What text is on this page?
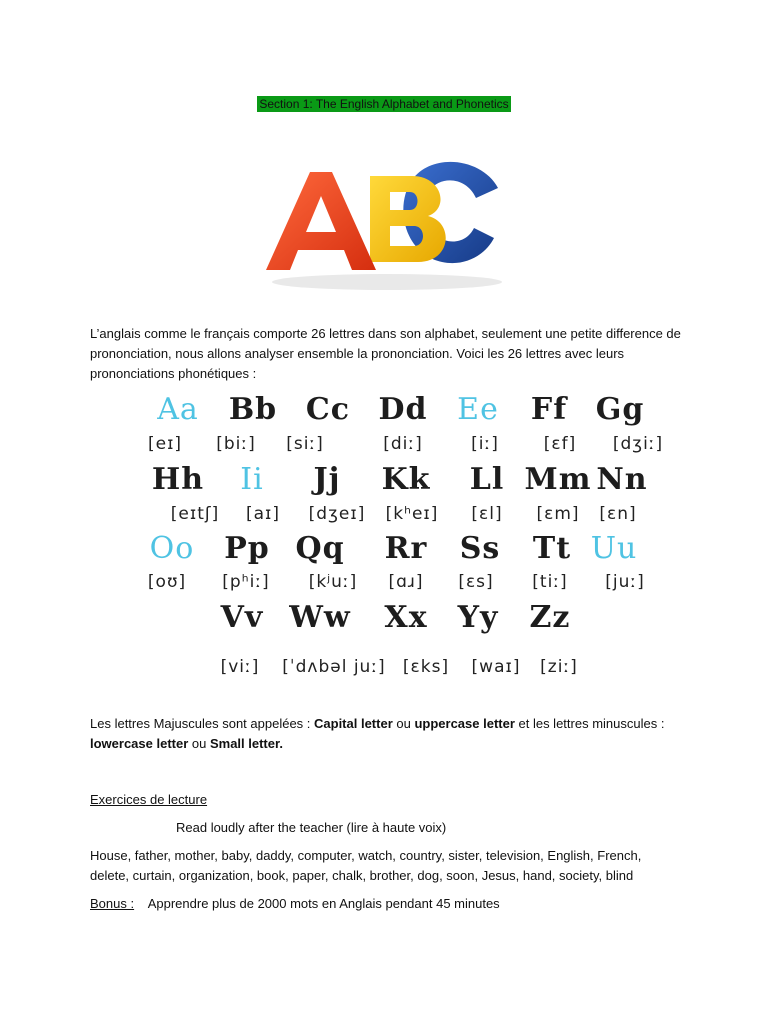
Section 1: The English Alphabet and Phonetics
L’anglais comme le français comporte 26 lettres dans son alphabet, seulement une petite difference de prononciation, nous allons analyser ensemble la prononciation. Voici les 26 lettres avec leurs prononciations phonétiques :
Aa
[eɪ]
Bb
[biː]
Cc
[siː]
Dd
[diː]
Ee
[iː]
Ff
[ɛf]
Gg
[dʒiː]
Hh
[eɪtʃ]
Ii
[aɪ]
Jj
[dʒeɪ]
Kk
[kʰeɪ]
Ll
[ɛl]
Mm
[ɛm]
Nn
[ɛn]
Oo
[oʊ]
Pp
[pʰiː]
Qq
[kʲuː]
Rr
[ɑɹ]
Ss
[ɛs]
Tt
[tiː]
Uu
[juː]
Vv
[viː]
Ww
[ˈdʌbəl juː]
Xx
[ɛks]
Yy
[waɪ]
Zz
[ziː]
Les lettres Majuscules sont appelées : Capital letter ou uppercase letter et les lettres minuscules :
lowercase letter ou Small letter.
Exercices de lecture
Read loudly after the teacher (lire à haute voix)
House, father, mother, baby, daddy, computer, watch, country, sister, television, English, French,
delete, curtain, organization, book, paper, chalk, brother, dog, soon, Jesus, hand, society, blind
Bonus : Apprendre plus de 2000 mots en Anglais pendant 45 minutes
